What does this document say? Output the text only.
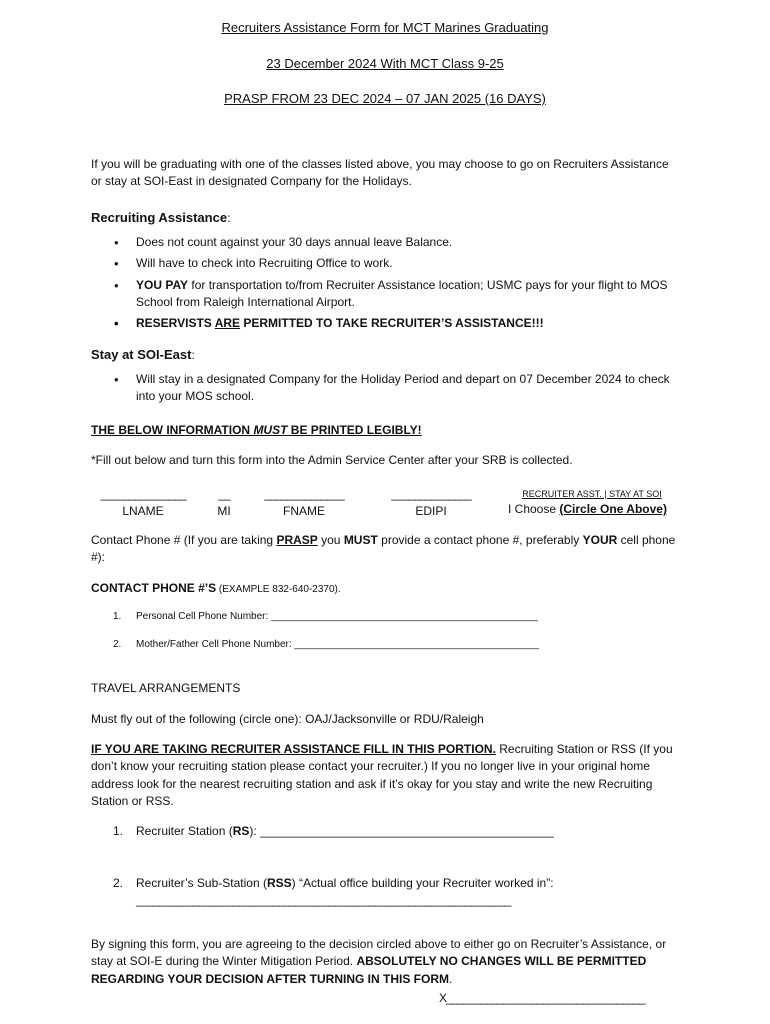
Recruiters Assistance Form for MCT Marines Graduating
23 December 2024 With MCT Class 9-25
PRASP FROM 23 DEC 2024 – 07 JAN 2025 (16 DAYS)
If you will be graduating with one of the classes listed above, you may choose to go on Recruiters Assistance or stay at SOI-East in designated Company for the Holidays.
Recruiting Assistance:
• Does not count against your 30 days annual leave Balance.
• Will have to check into Recruiting Office to work.
• YOU PAY for transportation to/from Recruiter Assistance location; USMC pays for your flight to MOS School from Raleigh International Airport.
• RESERVISTS ARE PERMITTED TO TAKE RECRUITER’S ASSISTANCE!!!
Stay at SOI-East:
• Will stay in a designated Company for the Holiday Period and depart on 07 December 2024 to check into your MOS school.
THE BELOW INFORMATION MUST BE PRINTED LEGIBLY!
*Fill out below and turn this form into the Admin Service Center after your SRB is collected.
_______________
LNAME
__
MI
______________
FNAME
______________
EDIPI
RECRUITER ASST. | STAY AT SOI
I Choose (Circle One Above)
Contact Phone # (If you are taking PRASP you MUST provide a contact phone #, preferably YOUR cell phone #):
CONTACT PHONE #’S (EXAMPLE 832-640-2370).
1. Personal Cell Phone Number: ________________________________________________
2. Mother/Father Cell Phone Number: ____________________________________________
TRAVEL ARRANGEMENTS
Must fly out of the following (circle one): OAJ/Jacksonville or RDU/Raleigh
IF YOU ARE TAKING RECRUITER ASSISTANCE FILL IN THIS PORTION. Recruiting Station or RSS (If you don’t know your recruiting station please contact your recruiter.) If you no longer live in your original home address look for the nearest recruiting station and ask if it’s okay for you stay and write the new Recruiting Station or RSS.
1. Recruiter Station (RS): ____________________________________________
2. Recruiter’s Sub-Station (RSS) “Actual office building your Recruiter worked in”:
__________________________________________________________________
By signing this form, you are agreeing to the decision circled above to either go on Recruiter’s Assistance, or stay at SOI-E during the Winter Mitigation Period. ABSOLUTELY NO CHANGES WILL BE PERMITTED REGARDING YOUR DECISION AFTER TURNING IN THIS FORM.
X___________________________________
